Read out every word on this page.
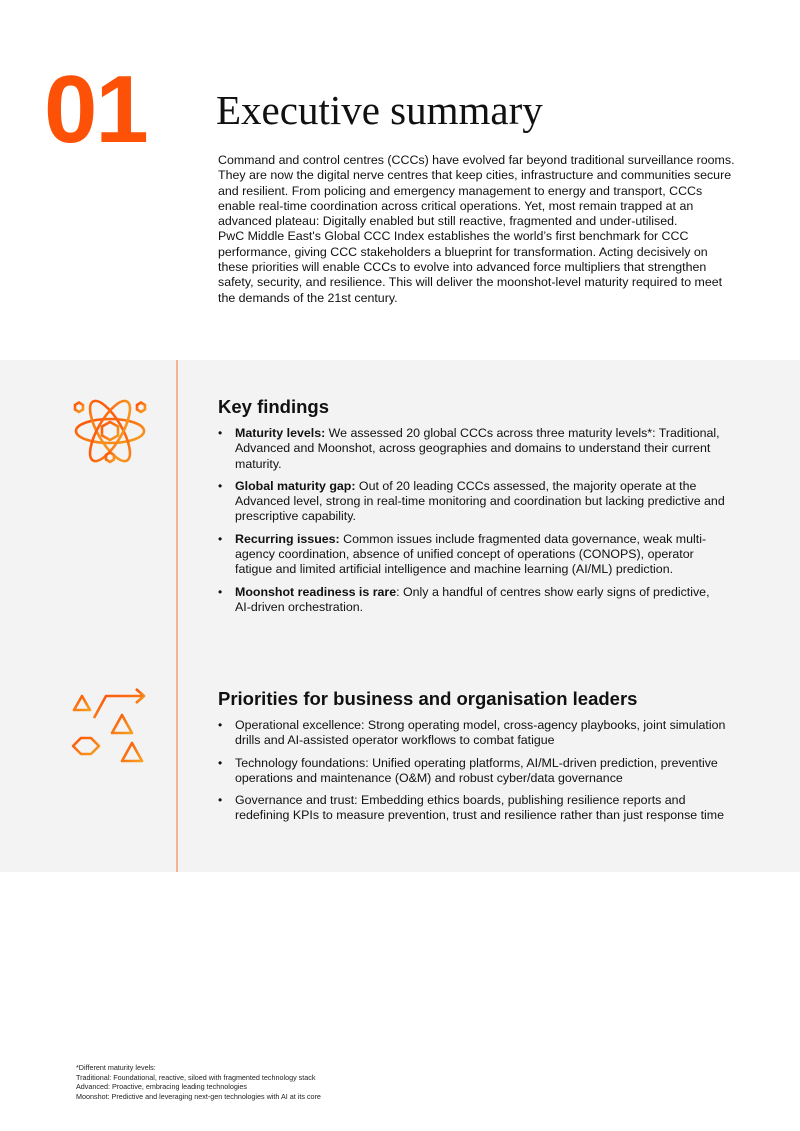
01 Executive summary

Command and control centres (CCCs) have evolved far beyond traditional surveillance rooms. They are now the digital nerve centres that keep cities, infrastructure and communities secure and resilient. From policing and emergency management to energy and transport, CCCs enable real-time coordination across critical operations. Yet, most remain trapped at an advanced plateau: Digitally enabled but still reactive, fragmented and under-utilised.

PwC Middle East's Global CCC Index establishes the world’s first benchmark for CCC performance, giving CCC stakeholders a blueprint for transformation. Acting decisively on these priorities will enable CCCs to evolve into advanced force multipliers that strengthen safety, security, and resilience. This will deliver the moonshot-level maturity required to meet the demands of the 21st century.

Key findings
• Maturity levels: We assessed 20 global CCCs across three maturity levels*: Traditional, Advanced and Moonshot, across geographies and domains to understand their current maturity.
• Global maturity gap: Out of 20 leading CCCs assessed, the majority operate at the Advanced level, strong in real-time monitoring and coordination but lacking predictive and prescriptive capability.
• Recurring issues: Common issues include fragmented data governance, weak multi-agency coordination, absence of unified concept of operations (CONOPS), operator fatigue and limited artificial intelligence and machine learning (AI/ML) prediction.
• Moonshot readiness is rare: Only a handful of centres show early signs of predictive, AI-driven orchestration.
Priorities for business and organisation leaders
• Operational excellence: Strong operating model, cross-agency playbooks, joint simulation drills and AI-assisted operator workflows to combat fatigue
• Technology foundations: Unified operating platforms, AI/ML-driven prediction, preventive operations and maintenance (O&M) and robust cyber/data governance
• Governance and trust: Embedding ethics boards, publishing resilience reports and redefining KPIs to measure prevention, trust and resilience rather than just response time
*Different maturity levels:
Traditional: Foundational, reactive, siloed with fragmented technology stack
Advanced: Proactive, embracing leading technologies
Moonshot: Predictive and leveraging next-gen technologies with AI at its core
